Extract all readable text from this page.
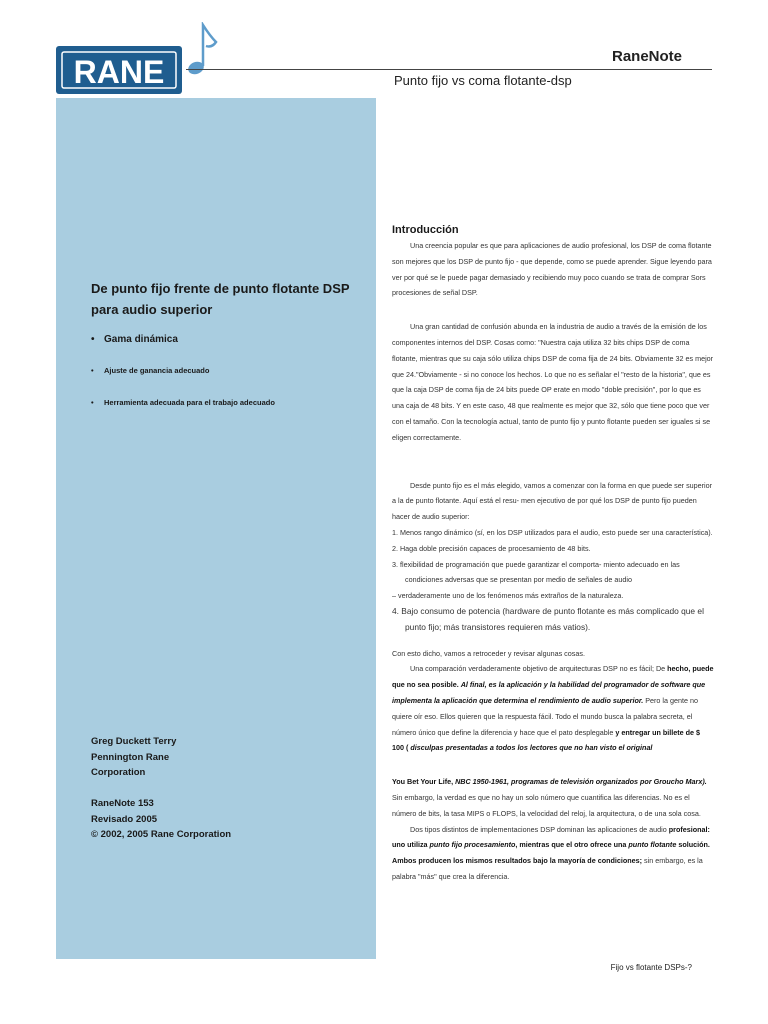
RANE	RaneNote
Punto fijo vs coma flotante-dsp
De punto fijo frente de punto flotante DSP para audio superior
• Gama dinámica
• Ajuste de ganancia adecuado
• Herramienta adecuada para el trabajo adecuado
Greg Duckett Terry
Pennington Rane
Corporation
RaneNote 153
Revisado 2005
© 2002, 2005 Rane Corporation
Introducción

Una creencia popular es que para aplicaciones de audio profesional, los DSP de coma flotante son mejores que los DSP de punto fijo - que depende, como se puede aprender. Sigue leyendo para ver por qué se le puede pagar demasiado y recibiendo muy poco cuando se trata de comprar Sors procesiones de señal DSP.

Una gran cantidad de confusión abunda en la industria de audio a través de la emisión de los componentes internos del DSP. Cosas como: "Nuestra caja utiliza 32 bits chips DSP de coma flotante, mientras que su caja sólo utiliza chips DSP de coma fija de 24 bits. Obviamente 32 es mejor que 24."Obviamente - si no conoce los hechos. Lo que no es señalar el "resto de la historia", que es que la caja DSP de coma fija de 24 bits puede OP erate en modo "doble precisión", por lo que es una caja de 48 bits. Y en este caso, 48 que realmente es mejor que 32, sólo que tiene poco que ver con el tamaño. Con la tecnología actual, tanto de punto fijo y punto flotante pueden ser iguales si se eligen correctamente.

Desde punto fijo es el más elegido, vamos a comenzar con la forma en que puede ser superior a la de punto flotante. Aquí está el resu- men ejecutivo de por qué los DSP de punto fijo pueden hacer de audio superior:

1. Menos rango dinámico (sí, en los DSP utilizados para el audio, esto puede ser una característica).
2. Haga doble precisión capaces de procesamiento de 48 bits.
3. flexibilidad de programación que puede garantizar el comporta- miento adecuado en las condiciones adversas que se presentan por medio de señales de audio
– verdaderamente uno de los fenómenos más extraños de la naturaleza.
4. Bajo consumo de potencia (hardware de punto flotante es más complicado que el punto fijo; más transistores requieren más vatios).

Con esto dicho, vamos a retroceder y revisar algunas cosas.

Una comparación verdaderamente objetivo de arquitecturas DSP no es fácil; De hecho, puede que no sea posible. Al final, es la aplicación y la habilidad del programador de software que implementa la aplicación que determina el rendimiento de audio superior. Pero la gente no quiere oír eso. Ellos quieren que la respuesta fácil. Todo el mundo busca la palabra secreta, el número único que define la diferencia y hace que el pato desplegable y entregar un billete de $ 100 ( disculpas presentadas a todos los lectores que no han visto el original

You Bet Your Life, NBC 1950-1961, programas de televisión organizados por Groucho Marx). Sin embargo, la verdad es que no hay un solo número que cuantifica las diferencias. No es el número de bits, la tasa MIPS o FLOPS, la velocidad del reloj, la arquitectura, o de una sola cosa.

Dos tipos distintos de implementaciones DSP dominan las aplicaciones de audio profesional: uno utiliza punto fijo procesamiento, mientras que el otro ofrece una punto flotante solución. Ambos producen los mismos resultados bajo la mayoría de condiciones; sin embargo, es la palabra "más" que crea la diferencia.

Fijo vs flotante DSPs-?
